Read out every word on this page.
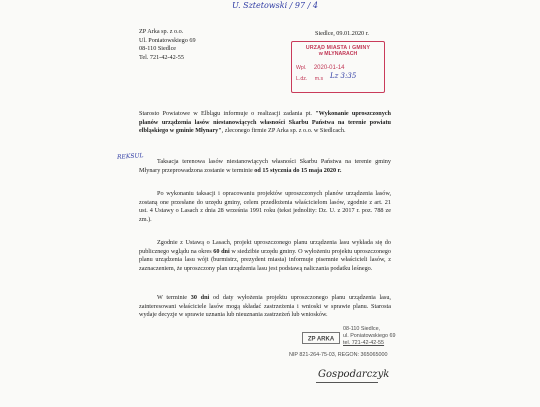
U. Sztetowski / 97 / 4
ZP Arka sp. z o.o.
Ul. Poniatowskiego 69
08-110 Siedlce
Tel. 721-42-42-55
Siedlce, 09.01.2020 r.
URZĄD MIASTA i GMINY
w MLYNARACH
Wpl. 2020-01-14
L.dz. m.s Lz 3:35
Starosto Powiatowe w Elblągu informuje o realizacji zadania pt. "Wykonanie uproszczonych planów urządzenia lasów niestanowiących własności Skarbu Państwa na terenie powiatu elbląskiego w gminie Młynary", zleconego firmie ZP Arka sp. z o.o. w Siedlcach.
REKSUL
Taksacja terenowa lasów niestanowiących własności Skarbu Państwa na terenie gminy Młynary przeprowadzona zostanie w terminie od 15 stycznia do 15 maja 2020 r.
Po wykonaniu taksacji i opracowaniu projektów uproszczonych planów urządzenia lasów, zostaną one przesłane do urzędu gminy, celem przedłożenia właścicielom lasów, zgodnie z art. 21 ust. 4 Ustawy o Lasach z dnia 28 września 1991 roku (tekst jednolity: Dz. U. z 2017 r. poz. 788 ze zm.).
Zgodnie z Ustawą o Lasach, projekt uproszczonego planu urządzenia lasu wykłada się do publicznego wglądu na okres 60 dni w siedzibie urzędu gminy. O wyłożeniu projektu uproszczonego planu urządzenia lasu wójt (burmistrz, prezydent miasta) informuje pisemnie właścicieli lasów, z zaznaczeniem, że uproszczony plan urządzenia lasu jest podstawą naliczania podatku leśnego.
W terminie 30 dni od daty wyłożenia projektu uproszczonego planu urządzenia lasu, zainteresowani właściciele lasów mogą składać zastrzeżenia i wnioski w sprawie planu. Starosta wydaje decyzje w sprawie uznania lub nieuznania zastrzeżeń lub wniosków.
ZP ARKA
08-110 Siedlce,
ul. Poniatowskiego 69
tel. 721-42-42-55
NIP 821-264-75-03, REGON: 365065000
Gospodarczyk
